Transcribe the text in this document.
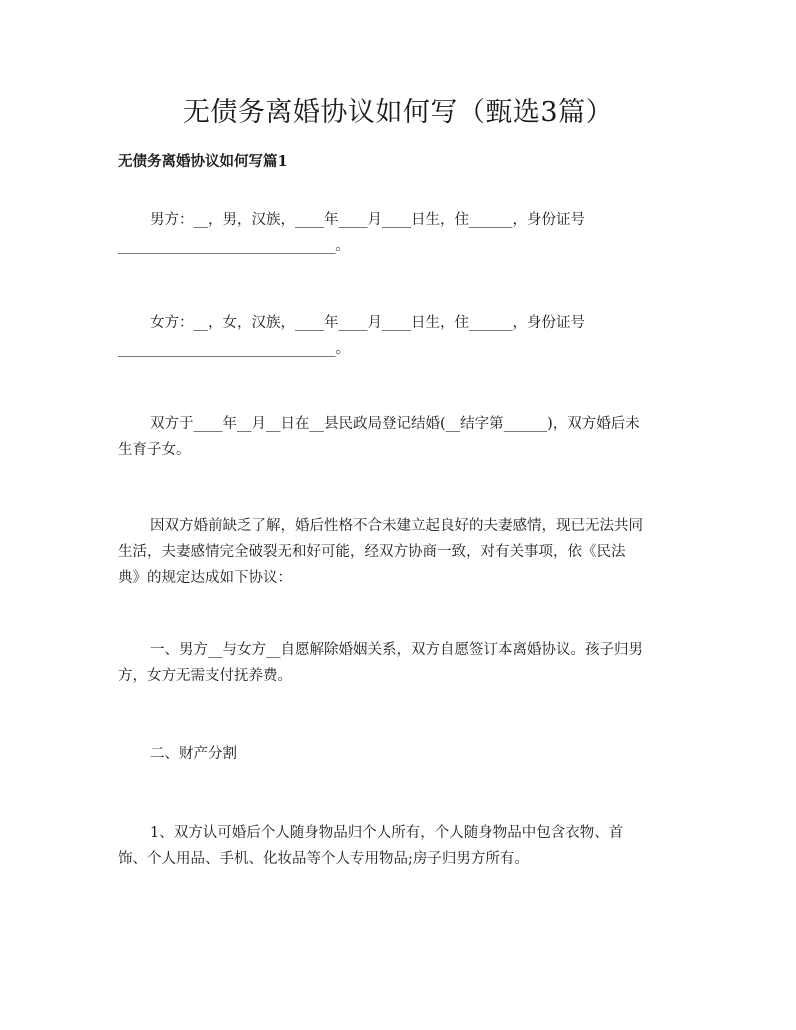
无债务离婚协议如何写（甄选3篇）
无债务离婚协议如何写篇1
男方：__，男，汉族，____年____月____日生，住______，身份证号
______________________________。
女方：__，女，汉族，____年____月____日生，住______，身份证号
______________________________。
双方于____年__月__日在__县民政局登记结婚(__结字第______)，双方婚后未
生育子女。
因双方婚前缺乏了解，婚后性格不合未建立起良好的夫妻感情，现已无法共同
生活，夫妻感情完全破裂无和好可能，经双方协商一致，对有关事项，依《民法
典》的规定达成如下协议：
一、男方__与女方__自愿解除婚姻关系，双方自愿签订本离婚协议。孩子归男
方，女方无需支付抚养费。
二、财产分割
1、双方认可婚后个人随身物品归个人所有，个人随身物品中包含衣物、首
饰、个人用品、手机、化妆品等个人专用物品;房子归男方所有。
